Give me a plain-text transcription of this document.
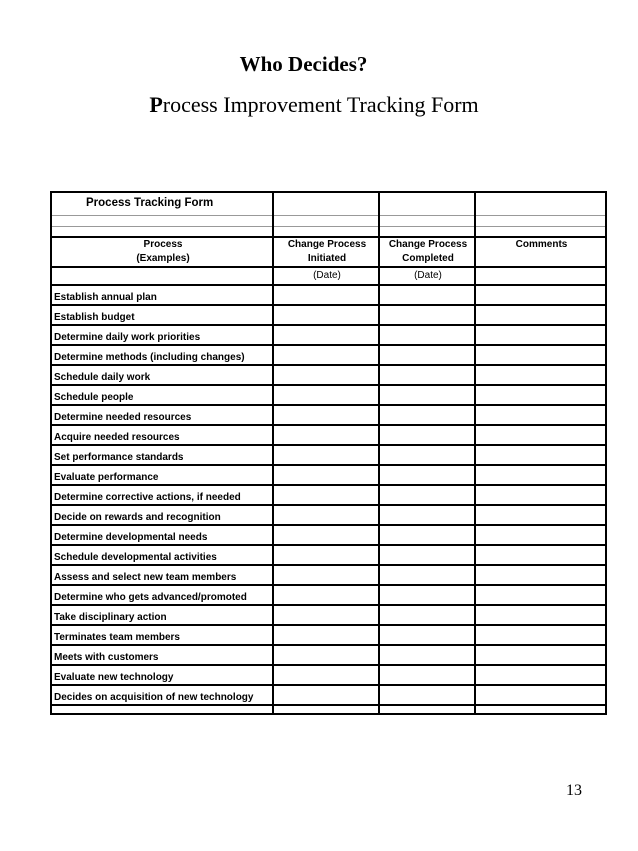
Who Decides?
Process Improvement Tracking Form
Process Tracking Form			

Process	Change Process	Change Process	Comments
(Examples)	Initiated	Completed	
	(Date)	(Date)	
Establish annual plan			
Establish budget			
Determine daily work priorities			
Determine methods (including changes)			
Schedule daily work			
Schedule people			
Determine needed resources			
Acquire needed resources			
Set performance standards			
Evaluate performance			
Determine corrective actions, if needed			
Decide on rewards and recognition			
Determine developmental needs			
Schedule developmental activities			
Assess and select new team members			
Determine who gets advanced/promoted			
Take disciplinary action			
Terminates team members			
Meets with customers			
Evaluate new technology			
Decides on acquisition of new technology			

13
